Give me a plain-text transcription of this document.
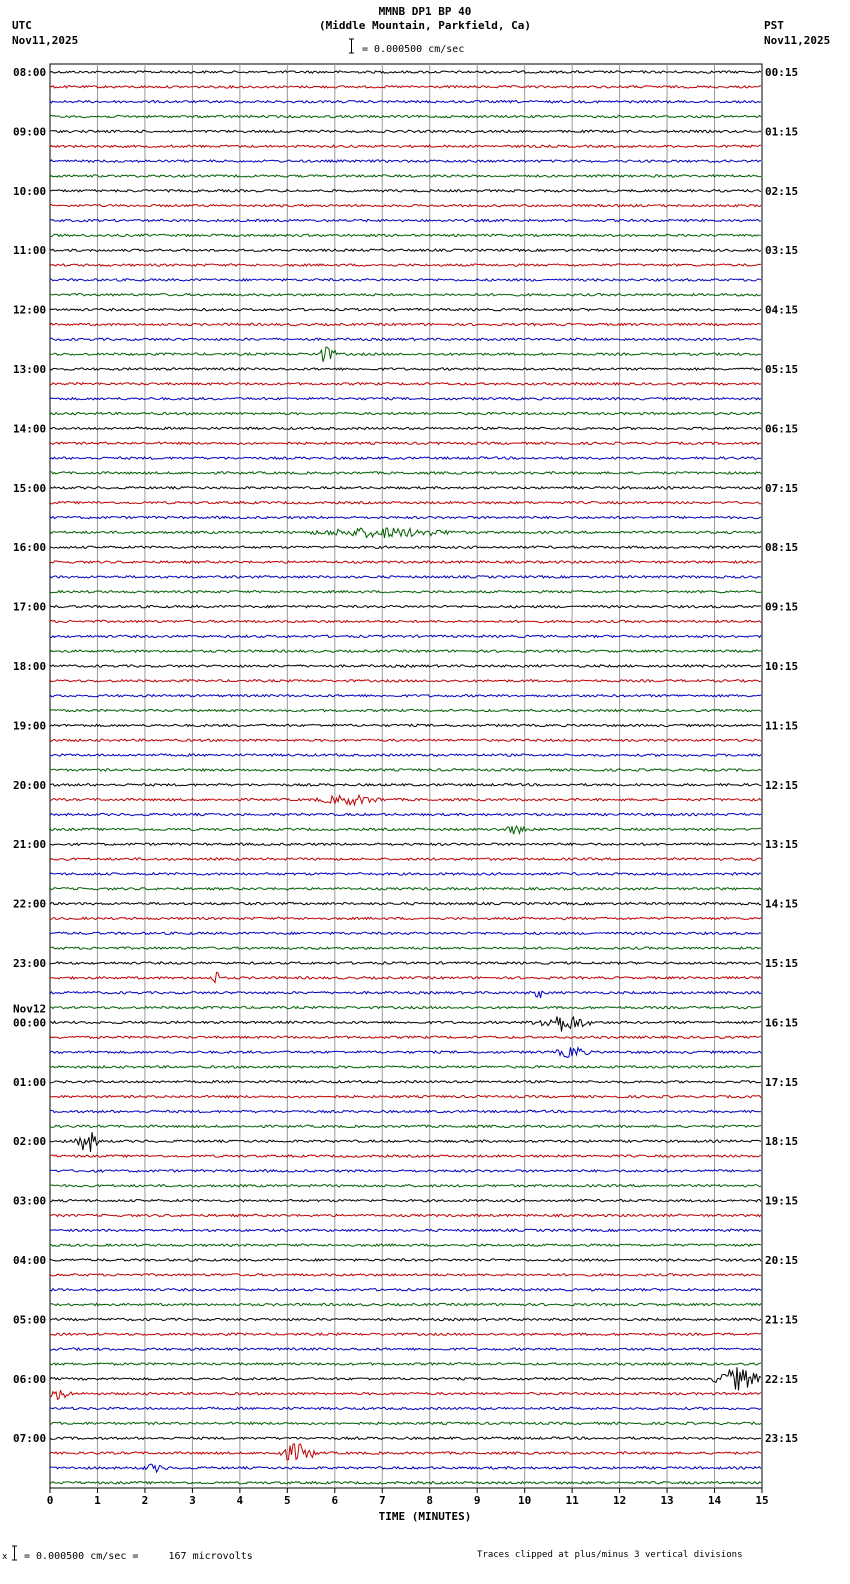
MMNB DP1 BP 40
(Middle Mountain, Parkfield, Ca)
UTC
Nov11,2025
PST
Nov11,2025
= 0.000500 cm/sec
08:00	00:15
09:00	01:15
10:00	02:15
11:00	03:15
12:00	04:15
13:00	05:15
14:00	06:15
15:00	07:15
16:00	08:15
17:00	09:15
18:00	10:15
19:00	11:15
20:00	12:15
21:00	13:15
22:00	14:15
23:00	15:15
00:00	16:15
01:00	17:15
02:00	18:15
03:00	19:15
04:00	20:15
05:00	21:15
06:00	22:15
07:00	23:15
Nov12
0	1	2	3	4	5	6	7	8	9	10	11	12	13	14	15
TIME (MINUTES)
x = 0.000500 cm/sec =     167 microvolts	Traces clipped at plus/minus 3 vertical divisions
